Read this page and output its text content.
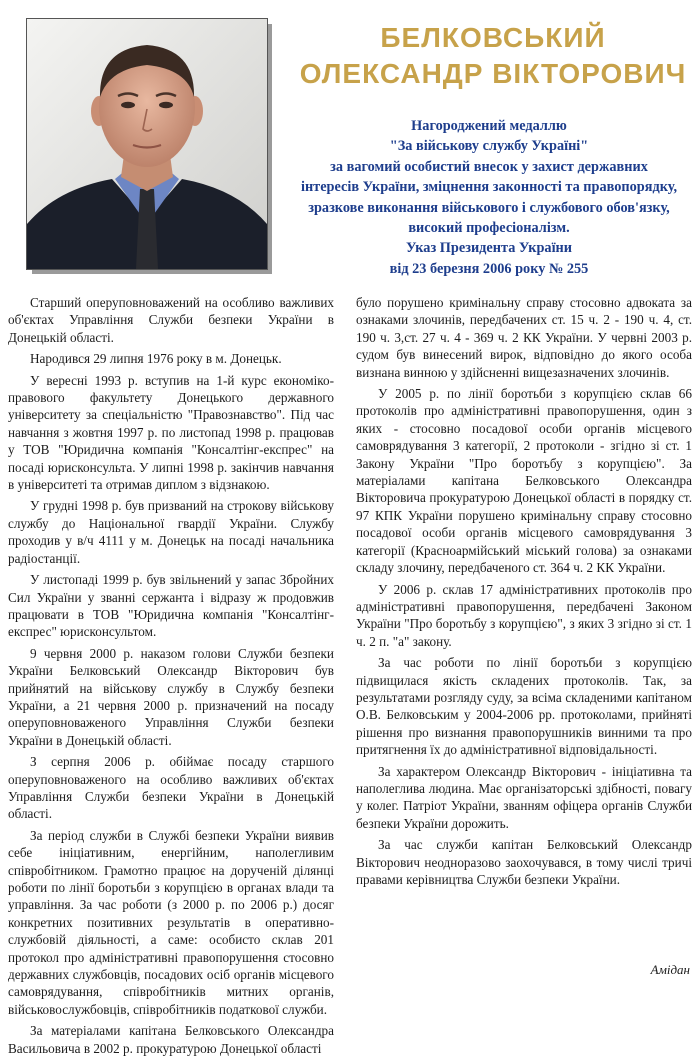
БЕЛКОВСЬКИЙ
ОЛЕКСАНДР ВІКТОРОВИЧ
Нагороджений медаллю
"За військову службу Україні"
за вагомий особистий внесок у захист державних
інтересів України, зміцнення законності та правопорядку,
зразкове виконання військового і службового обов'язку,
високий професіоналізм.
Указ Президента України
від 23 березня 2006 року № 255

Старший оперуповноважений на особливо важливих об'єктах Управління Служби безпеки України в Донецькій області.

Народився 29 липня 1976 року в м. Донецьк.

У вересні 1993 р. вступив на 1-й курс економіко-правового факультету Донецького державного університету за спеціальністю "Правознавство". Під час навчання з жовтня 1997 р. по листопад 1998 р. працював у ТОВ "Юридична компанія "Консалтінг-експрес" на посаді юрисконсульта. У липні 1998 р. закінчив навчання в університеті та отримав диплом з відзнакою.

У грудні 1998 р. був призваний на строкову військову службу до Національної гвардії України. Службу проходив у в/ч 4111 у м. Донецьк на посаді начальника радіостанції.

У листопаді 1999 р. був звільнений у запас Збройних Сил України у званні сержанта і відразу ж продовжив працювати в ТОВ "Юридична компанія "Консалтінг-експрес" юрисконсультом.

9 червня 2000 р. наказом голови Служби безпеки України Белковський Олександр Вікторович був прийнятий на військову службу в Службу безпеки України, а 21 червня 2000 р. призначений на посаду оперуповноваженого Управління Служби безпеки України в Донецькій області.

З серпня 2006 р. обіймає посаду старшого оперуповноваженого на особливо важливих об'єктах Управління Служби безпеки України в Донецькій області.

За період служби в Службі безпеки України виявив себе ініціативним, енергійним, наполегливим співробітником. Грамотно працює на дорученій ділянці роботи по лінії боротьби з корупцією в органах влади та управління. За час роботи (з 2000 р. по 2006 р.) досяг конкретних позитивних результатів в оперативно-службовій діяльності, а саме: особисто склав 201 протокол про адміністративні правопорушення стосовно державних службовців, посадових осіб органів місцевого самоврядування, співробітників митних органів, військовослужбовців, співробітників податкової служби.

За матеріалами капітана Белковського Олександра Васильовича в 2002 р. прокуратурою Донецької області

було порушено кримінальну справу стосовно адвоката за ознаками злочинів, передбачених ст. 15 ч. 2 - 190 ч. 4, ст. 190 ч. 3,ст. 27 ч. 4 - 369 ч. 2 КК України. У червні 2003 р. судом був винесений вирок, відповідно до якого особа визнана винною у здійсненні вищезазначених злочинів.

У 2005 р. по лінії боротьби з корупцією склав 66 протоколів про адміністративні правопорушення, один з яких - стосовно посадової особи органів місцевого самоврядування 3 категорії, 2 протоколи - згідно зі ст. 1 Закону України "Про боротьбу з корупцією". За матеріалами капітана Белковського Олександра Вікторовича прокуратурою Донецької області в порядку ст. 97 КПК України порушено кримінальну справу стосовно посадової особи органів місцевого самоврядування 3 категорії (Красноармійський міський голова) за ознаками складу злочину, передбаченого ст. 364 ч. 2 КК України.

У 2006 р. склав 17 адміністративних протоколів про адміністративні правопорушення, передбачені Законом України "Про боротьбу з корупцією", з яких 3 згідно зі ст. 1 ч. 2 п. "а" закону.

За час роботи по лінії боротьби з корупцією підвищилася якість складених протоколів. Так, за результатами розгляду суду, за всіма складеними капітаном О.В. Белковським у 2004-2006 рр. протоколами, прийняті рішення про визнання правопорушників винними та про притягнення їх до адміністративної відповідальності.

За характером Олександр Вікторович - ініціативна та наполеглива людина. Має організаторські здібності, повагу у колег. Патріот України, званням офіцера органів Служби безпеки України дорожить.

За час служби капітан Белковський Олександр Вікторович неодноразово заохочувався, в тому числі тричі правами керівництва Служби безпеки України.

Амідан
